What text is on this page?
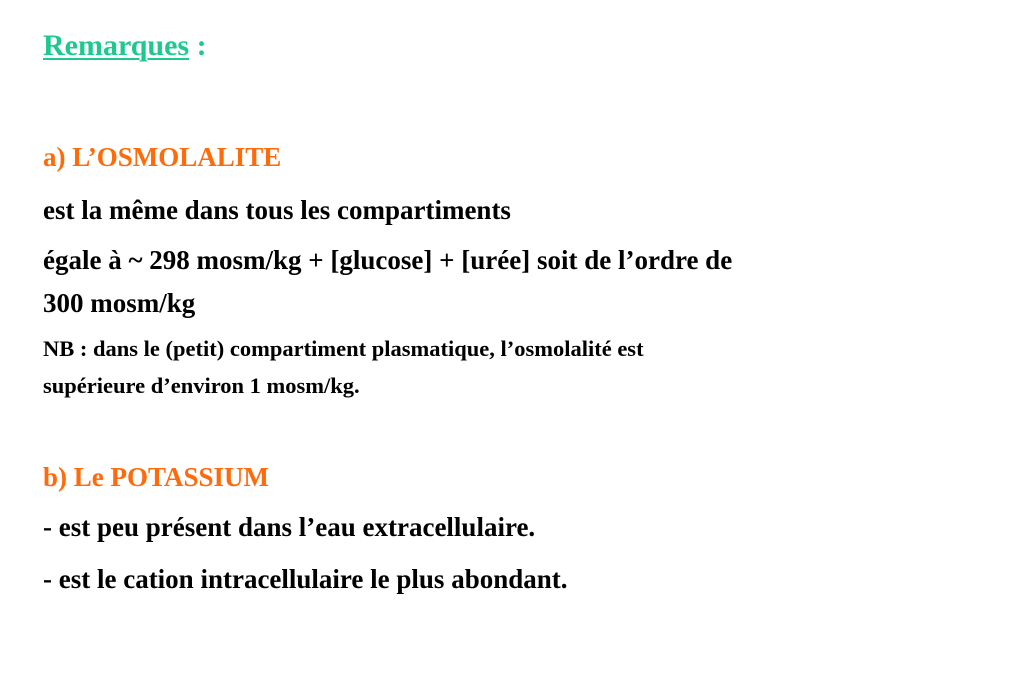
Remarques :
a) L’OSMOLALITE
est la même dans tous les compartiments
égale à ~ 298 mosm/kg + [glucose] + [urée] soit de l’ordre de
300 mosm/kg
NB : dans le (petit) compartiment plasmatique, l’osmolalité est
supérieure d’environ 1 mosm/kg.
b) Le POTASSIUM
- est peu présent dans l’eau extracellulaire.
- est le cation intracellulaire le plus abondant.
